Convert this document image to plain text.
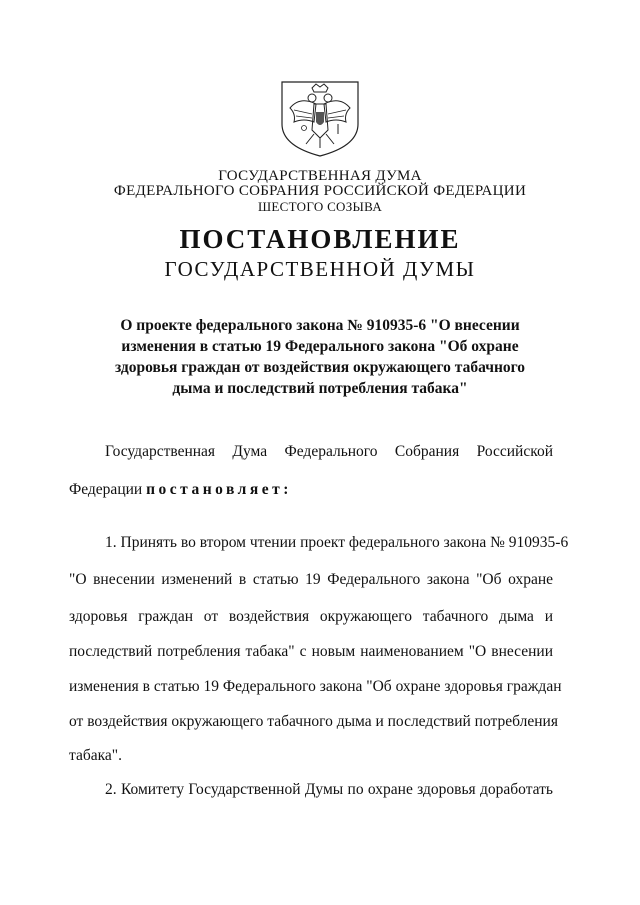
ГОСУДАРСТВЕННАЯ ДУМА
ФЕДЕРАЛЬНОГО СОБРАНИЯ РОССИЙСКОЙ ФЕДЕРАЦИИ
ШЕСТОГО СОЗЫВА
ПОСТАНОВЛЕНИЕ
ГОСУДАРСТВЕННОЙ ДУМЫ
О проекте федерального закона № 910935-6 "О внесении
изменения в статью 19 Федерального закона "Об охране
здоровья граждан от воздействия окружающего табачного
дыма и последствий потребления табака"
Государственная Дума Федерального Собрания Российской
Федерации постановляет:
1. Принять во втором чтении проект федерального закона № 910935-6
"О внесении изменений в статью 19 Федерального закона "Об охране
здоровья граждан от воздействия окружающего табачного дыма и
последствий потребления табака" с новым наименованием "О внесении
изменения в статью 19 Федерального закона "Об охране здоровья граждан
от воздействия окружающего табачного дыма и последствий потребления
табака".
2. Комитету Государственной Думы по охране здоровья доработать
